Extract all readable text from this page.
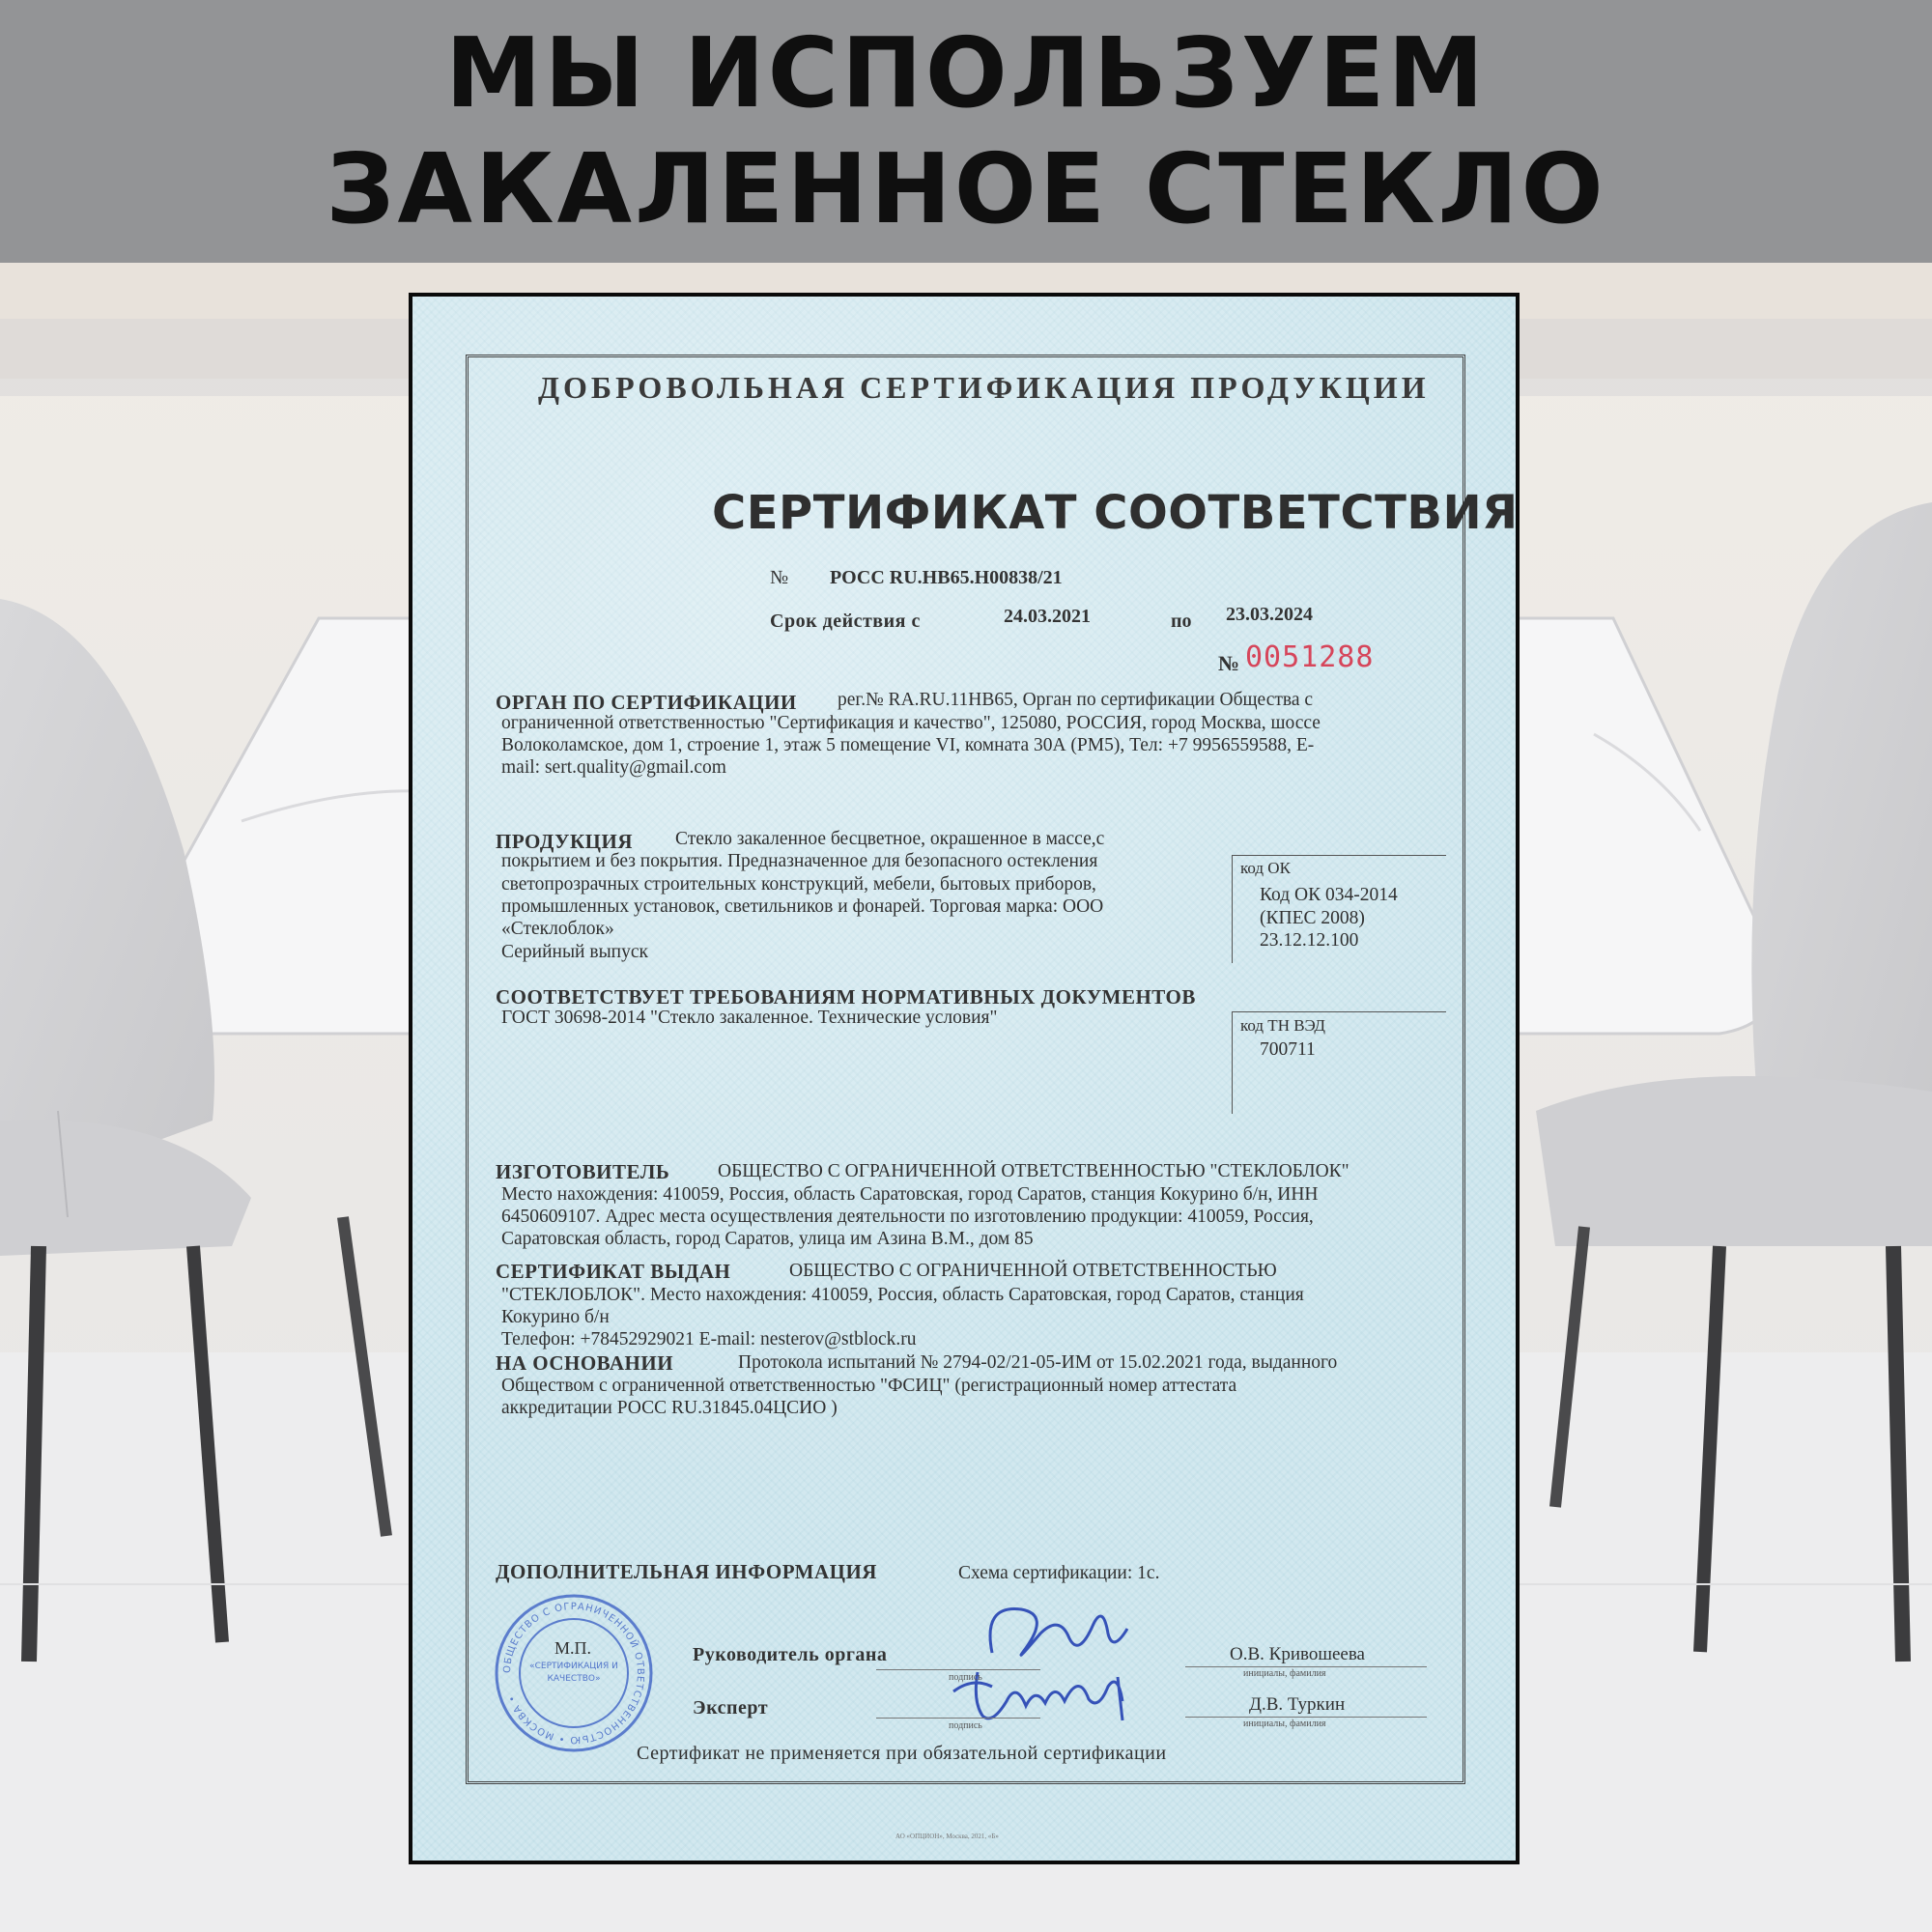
МЫ ИСПОЛЬЗУЕМ
ЗАКАЛЕННОЕ СТЕКЛО
ДОБРОВОЛЬНАЯ СЕРТИФИКАЦИЯ ПРОДУКЦИИ
СЕРТИФИКАТ СООТВЕТСТВИЯ
№ РОСС RU.НВ65.Н00838/21
Срок действия с	24.03.2021	по 23.03.2024
№ 0051288
ОРГАН ПО СЕРТИФИКАЦИИ рег.№ RA.RU.11НВ65, Орган по сертификации Общества с
ограниченной ответственностью "Сертификация и качество", 125080, РОССИЯ, город Москва, шоссе
Волоколамское, дом 1, строение 1, этаж 5 помещение VI, комната 30А (РМ5), Тел: +7 9956559588, E-
mail: sert.quality@gmail.com
ПРОДУКЦИЯ Стекло закаленное бесцветное, окрашенное в массе,с
покрытием и без покрытия. Предназначенное для безопасного остекления
светопрозрачных строительных конструкций, мебели, бытовых приборов,
промышленных установок, светильников и фонарей. Торговая марка: ООО
«Стеклоблок»
Серийный выпуск
код ОК
Код ОК 034-2014
(КПЕС 2008)
23.12.12.100
СООТВЕТСТВУЕТ ТРЕБОВАНИЯМ НОРМАТИВНЫХ ДОКУМЕНТОВ
ГОСТ 30698-2014 "Стекло закаленное. Технические условия"	код ТН ВЭД
700711
ИЗГОТОВИТЕЛЬ	ОБЩЕСТВО С ОГРАНИЧЕННОЙ ОТВЕТСТВЕННОСТЬЮ "СТЕКЛОБЛОК"
Место нахождения: 410059, Россия, область Саратовская, город Саратов, станция Кокурино б/н, ИНН
6450609107. Адрес места осуществления деятельности по изготовлению продукции: 410059, Россия,
Саратовская область, город Саратов, улица им Азина В.М., дом 85
СЕРТИФИКАТ ВЫДАН	ОБЩЕСТВО С ОГРАНИЧЕННОЙ ОТВЕТСТВЕННОСТЬЮ
"СТЕКЛОБЛОК". Место нахождения: 410059, Россия, область Саратовская, город Саратов, станция
Кокурино б/н
Телефон: +78452929021 E-mail: nesterov@stblock.ru
НА ОСНОВАНИИ	Протокола испытаний № 2794-02/21-05-ИМ от 15.02.2021 года, выданного
Обществом с ограниченной ответственностью "ФСИЦ" (регистрационный номер аттестата
аккредитации РОСС RU.31845.04ЦСИО )
ДОПОЛНИТЕЛЬНАЯ ИНФОРМАЦИЯ	Схема сертификации: 1с.
ОБЩЕСТВО С ОГРАНИЧЕННОЙ ОТВЕТСТВЕННОСТЬЮ • МОСКВА •
«СЕРТИФИКАЦИЯ И
КАЧЕСТВО»
М.П.	Руководитель органа
Эксперт
подпись
О.В. Кривошеева
инициалы, фамилия
подпись
Д.В. Туркин
инициалы, фамилия
Сертификат не применяется при обязательной сертификации
АО «ОПЦИОН», Москва, 2021, «Б»
